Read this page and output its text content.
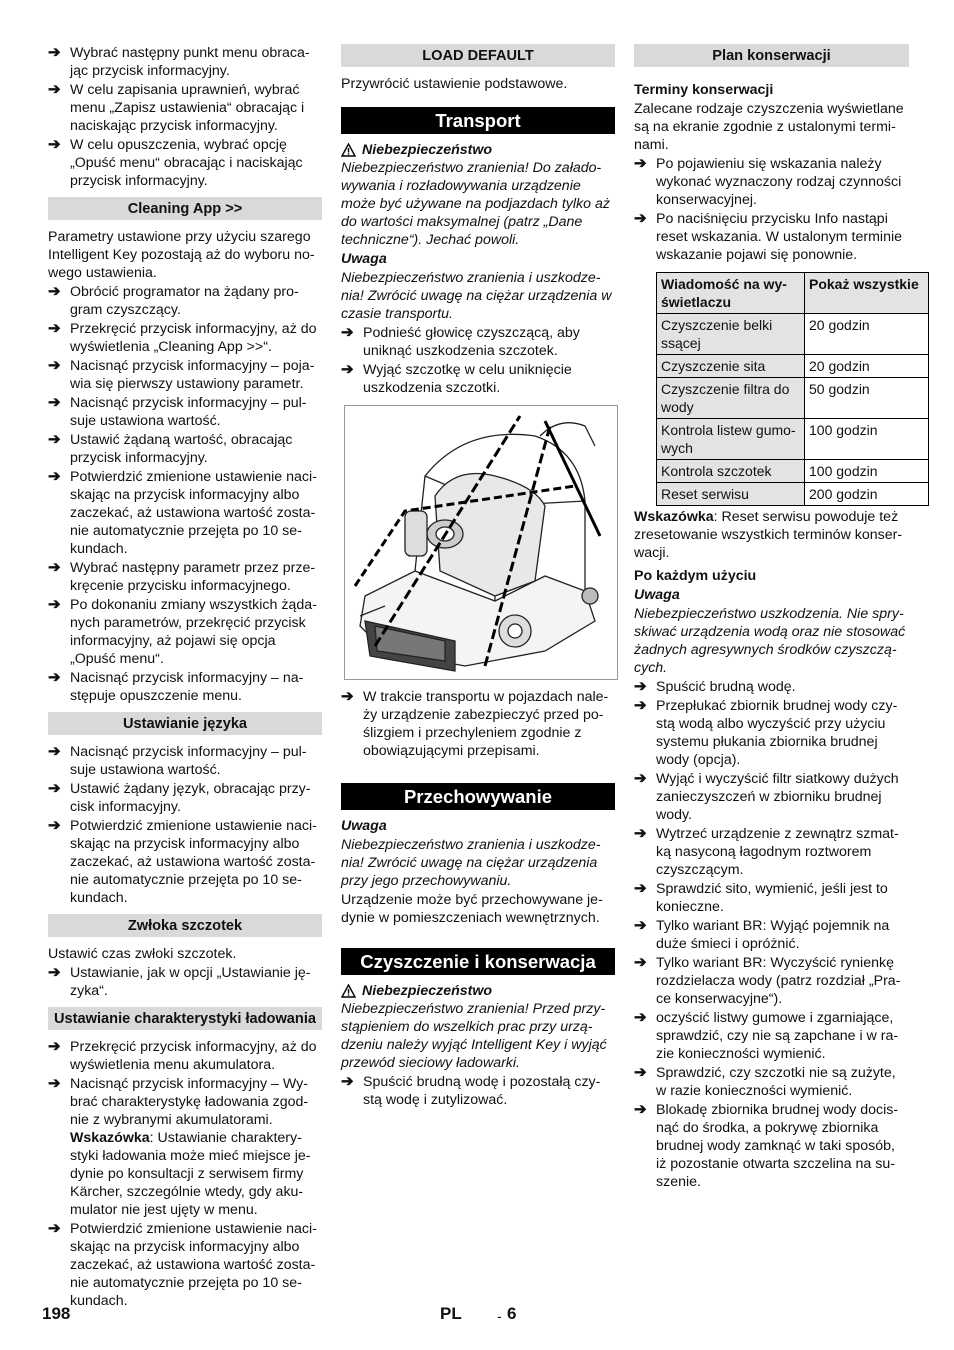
➔ Wybrać następny punkt menu obraca-jąc przycisk informacyjny.
➔ W celu zapisania uprawnień, wybrać menu „Zapisz ustawienia“ obracając i naciskając przycisk informacyjny.
➔ W celu opuszczenia, wybrać opcję „Opuść menu“ obracając i naciskając przycisk informacyjny.
Cleaning App >>

Parametry ustawione przy użyciu szarego Intelligent Key pozostają aż do wyboru no-wego ustawienia.

➔ Obrócić programator na żądany pro-gram czyszczący.
➔ Przekręcić przycisk informacyjny, aż do wyświetlenia „Cleaning App >>“.
➔ Nacisnąć przycisk informacyjny – poja-wia się pierwszy ustawiony parametr.
➔ Nacisnąć przycisk informacyjny – pul-suje ustawiona wartość.
➔ Ustawić żądaną wartość, obracając przycisk informacyjny.
➔ Potwierdzić zmienione ustawienie naci-skając na przycisk informacyjny albo zaczekać, aż ustawiona wartość zosta-nie automatycznie przejęta po 10 se-kundach.
➔ Wybrać następny parametr przez prze-kręcenie przycisku informacyjnego.
➔ Po dokonaniu zmiany wszystkich żąda-nych parametrów, przekręcić przycisk informacyjny, aż pojawi się opcja „Opuść menu“.
➔ Nacisnąć przycisk informacyjny – na-stępuje opuszczenie menu.
Ustawianie języka
➔ Nacisnąć przycisk informacyjny – pul-suje ustawiona wartość.
➔ Ustawić żądany język, obracając przy-cisk informacyjny.
➔ Potwierdzić zmienione ustawienie naci-skając na przycisk informacyjny albo zaczekać, aż ustawiona wartość zosta-nie automatycznie przejęta po 10 se-kundach.
Zwłoka szczotek

Ustawić czas zwłoki szczotek.

➔ Ustawianie, jak w opcji „Ustawianie ję-zyka“.
Ustawianie charakterystyki ładowania
➔ Przekręcić przycisk informacyjny, aż do wyświetlenia menu akumulatora.
➔ Nacisnąć przycisk informacyjny – Wy-brać charakterystykę ładowania zgod-nie z wybranymi akumulatorami.
Wskazówka: Ustawianie charaktery-styki ładowania może mieć miejsce je-dynie po konsultacji z serwisem firmy Kärcher, szczególnie wtedy, gdy aku-mulator nie jest ujęty w menu.
➔ Potwierdzić zmienione ustawienie naci-skając na przycisk informacyjny albo zaczekać, aż ustawiona wartość zosta-nie automatycznie przejęta po 10 se-kundach.
LOAD DEFAULT

Przywrócić ustawienie podstawowe.

Transport
Niebezpieczeństwo

Niebezpieczeństwo zranienia! Do załado-wywania i rozładowywania urządzenie może być używane na podjazdach tylko aż do wartości maksymalnej (patrz „Dane techniczne“). Jechać powoli.

Uwaga

Niebezpieczeństwo zranienia i uszkodze-nia! Zwrócić uwagę na ciężar urządzenia w czasie transportu.

➔ Podnieść głowicę czyszczącą, aby uniknąć uszkodzenia szczotek.
➔ Wyjąć szczotkę w celu uniknięcie uszkodzenia szczotki.
➔ W trakcie transportu w pojazdach nale-ży urządzenie zabezpieczyć przed po-ślizgiem i przechyleniem zgodnie z obowiązującymi przepisami.
Przechowywanie

Uwaga

Niebezpieczeństwo zranienia i uszkodze-nia! Zwrócić uwagę na ciężar urządzenia przy jego przechowywaniu.

Urządzenie może być przechowywane je-dynie w pomieszczeniach wewnętrznych.

Czyszczenie i konserwacja
Niebezpieczeństwo

Niebezpieczeństwo zranienia! Przed przy-stąpieniem do wszelkich prac przy urzą-dzeniu należy wyjąć Intelligent Key i wyjąć przewód sieciowy ładowarki.

➔ Spuścić brudną wodę i pozostałą czy-stą wodę i zutylizować.
Plan konserwacji

Terminy konserwacji

Zalecane rodzaje czyszczenia wyświetlane są na ekranie zgodnie z ustalonymi termi-nami.

➔ Po pojawieniu się wskazania należy wykonać wyznaczony rodzaj czynności konserwacyjnej.
➔ Po naciśnięciu przycisku Info nastąpi reset wskazania. W ustalonym terminie wskazanie pojawi się ponownie.
Wiadomość na wy-świetlaczu	Pokaż wszystkie
Czyszczenie belki ssącej	20 godzin
Czyszczenie sita	20 godzin
Czyszczenie filtra do wody	50 godzin
Kontrola listew gumo-wych	100 godzin
Kontrola szczotek	100 godzin
Reset serwisu	200 godzin

Wskazówka: Reset serwisu powoduje też zresetowanie wszystkich terminów konser-wacji.

Po każdym użyciu

Uwaga

Niebezpieczeństwo uszkodzenia. Nie spry-skiwać urządzenia wodą oraz nie stosować żadnych agresywnych środków czyszczą-cych.

➔ Spuścić brudną wodę.
➔ Przepłukać zbiornik brudnej wody czy-stą wodą albo wyczyścić przy użyciu systemu płukania zbiornika brudnej wody (opcja).
➔ Wyjąć i wyczyścić filtr siatkowy dużych zanieczyszczeń w zbiorniku brudnej wody.
➔ Wytrzeć urządzenie z zewnątrz szmat-ką nasyconą łagodnym roztworem czyszczącym.
➔ Sprawdzić sito, wymienić, jeśli jest to konieczne.
➔ Tylko wariant BR: Wyjąć pojemnik na duże śmieci i opróżnić.
➔ Tylko wariant BR: Wyczyścić rynienkę rozdzielacza wody (patrz rozdział „Pra-ce konserwacyjne“).
➔ oczyścić listwy gumowe i zgarniające, sprawdzić, czy nie są zapchane i w ra-zie konieczności wymienić.
➔ Sprawdzić, czy szczotki nie są zużyte, w razie konieczności wymienić.
➔ Blokadę zbiornika brudnej wody docis-nąć do środka, a pokrywę zbiornika brudnej wody zamknąć w taki sposób, iż pozostanie otwarta szczelina na su-szenie.
198	PL	- 6
